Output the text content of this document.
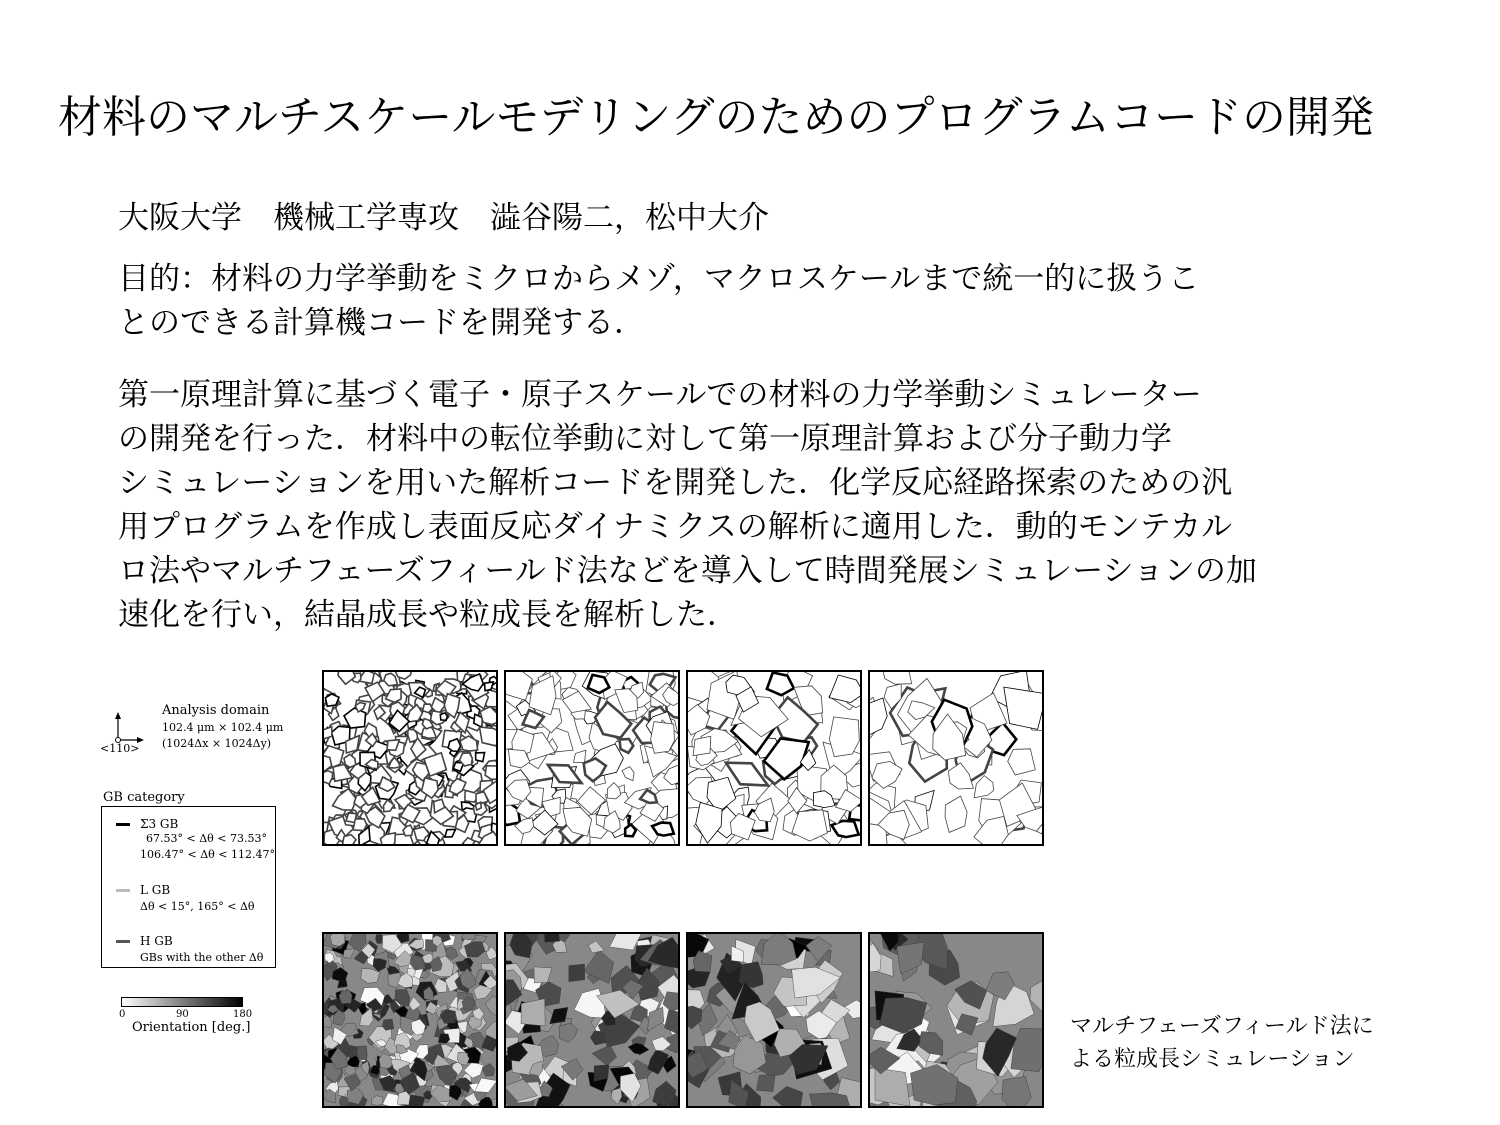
材料のマルチスケールモデリングのためのプログラムコードの開発
大阪大学　機械工学専攻　澁谷陽二，松中大介
目的：材料の力学挙動をミクロからメゾ，マクロスケールまで統一的に扱うこ
とのできる計算機コードを開発する．
第一原理計算に基づく電子・原子スケールでの材料の力学挙動シミュレーター
の開発を行った．材料中の転位挙動に対して第一原理計算および分子動力学
シミュレーションを用いた解析コードを開発した．化学反応経路探索のための汎
用プログラムを作成し表面反応ダイナミクスの解析に適用した．動的モンテカル
ロ法やマルチフェーズフィールド法などを導入して時間発展シミュレーションの加
速化を行い，結晶成長や粒成長を解析した．
<110>
Analysis domain
102.4 μm × 102.4 μm
(1024Δx × 1024Δy)
GB category
Σ3 GB
67.53° < Δθ < 73.53°
106.47° < Δθ < 112.47°
L GB
Δθ < 15°, 165° < Δθ
H GB
GBs with the other Δθ
0	90	180
Orientation [deg.]	マルチフェーズフィールド法に
よる粒成長シミュレーション
